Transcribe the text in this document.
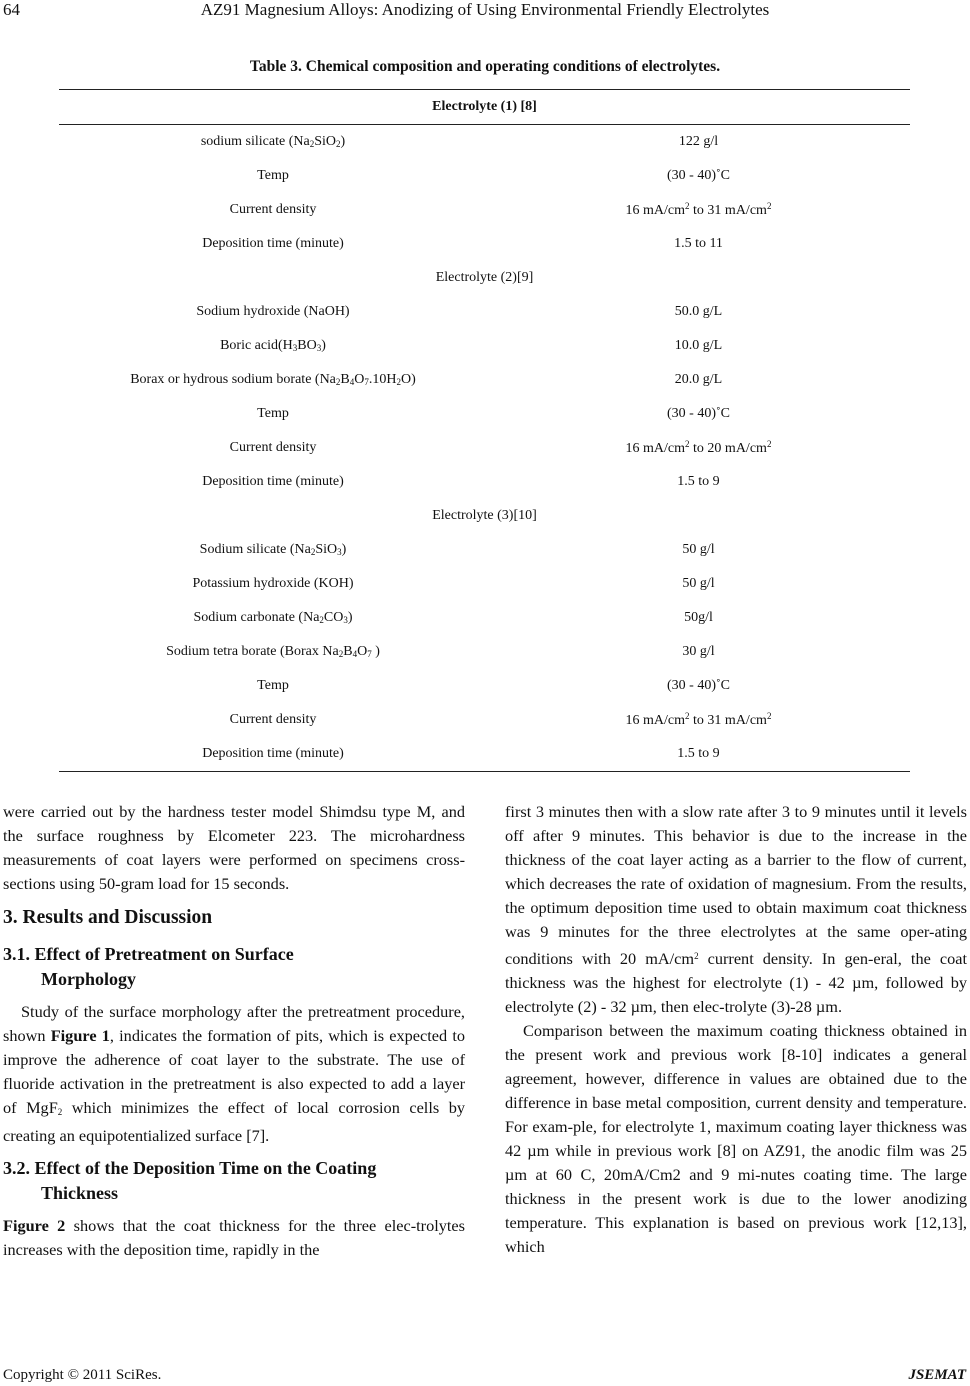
64	AZ91 Magnesium Alloys: Anodizing of Using Environmental Friendly Electrolytes
Table 3. Chemical composition and operating conditions of electrolytes.
Electrolyte (1) [8]	

sodium silicate $(Na_2SiO_2)$	122 g/l
Temp	(30 - 40)˚C
Current density	16 $mA/cm^2$ to 31 $mA/cm^2$
Deposition time (minute)	1.5 to 11
Electrolyte (2)[9]	
Sodium hydroxide (NaOH)	50.0 g/L
Boric $acid(H_3BO_3)$	10.0 g/L
Borax or hydrous sodium borate $(Na_2B_4O_7.10H_2O)$	20.0 g/L
Temp	(30 - 40)˚C
Current density	16 $mA/cm^2$ to 20 $mA/cm^2$
Deposition time (minute)	1.5 to 9
Electrolyte (3)[10]	
Sodium silicate $(Na_2SiO_3)$	50 g/l
Potassium hydroxide (KOH)	50 g/l
Sodium carbonate $(Na_2CO_3)$	50g/l
Sodium tetra borate (Borax $Na_2B_4O_7$ )	30 g/l
Temp	(30 - 40)˚C
Current density	16 $mA/cm^2$ to 31 $mA/cm^2$
Deposition time (minute)	1.5 to 9

were carried out by the hardness tester model Shimdsu type M, and the surface roughness by Elcometer 223. The microhardness measurements of coat layers were performed on specimens cross-sections using 50-gram load for 15 seconds.

3. Results and Discussion
3.1. Effect of Pretreatment on Surface
Morphology

Study of the surface morphology after the pretreatment procedure, shown Figure 1, indicates the formation of pits, which is expected to improve the adherence of coat layer to the substrate. The use of fluoride activation in the pretreatment is also expected to add a layer of MgF$_2$ which minimizes the effect of local corrosion cells by creating an equipotentialized surface [7].

3.2. Effect of the Deposition Time on the Coating
Thickness

Figure 2 shows that the coat thickness for the three elec-trolytes increases with the deposition time, rapidly in the

first 3 minutes then with a slow rate after 3 to 9 minutes until it levels off after 9 minutes. This behavior is due to the increase in the thickness of the coat layer acting as a barrier to the flow of current, which decreases the rate of oxidation of magnesium. From the results, the optimum deposition time used to obtain maximum coat thickness was 9 minutes for the three electrolytes at the same oper-ating conditions with 20 $mA/cm^2$ current density. In gen-eral, the coat thickness was the highest for electrolyte (1) - 42 µm, followed by electrolyte (2) - 32 µm, then elec-trolyte (3)-28 µm.

Comparison between the maximum coating thickness obtained in the present work and previous work [8-10] indicates a general agreement, however, difference in values are obtained due to the difference in base metal composition, current density and temperature. For exam-ple, for electrolyte 1, maximum coating layer thickness was 42 µm while in previous work [8] on AZ91, the anodic film was 25 µm at 60 C, 20mA/Cm2 and 9 mi-nutes coating time. The large thickness in the present work is due to the lower anodizing temperature. This explanation is based on previous work [12,13], which

Copyright © 2011 SciRes.	JSEMAT
